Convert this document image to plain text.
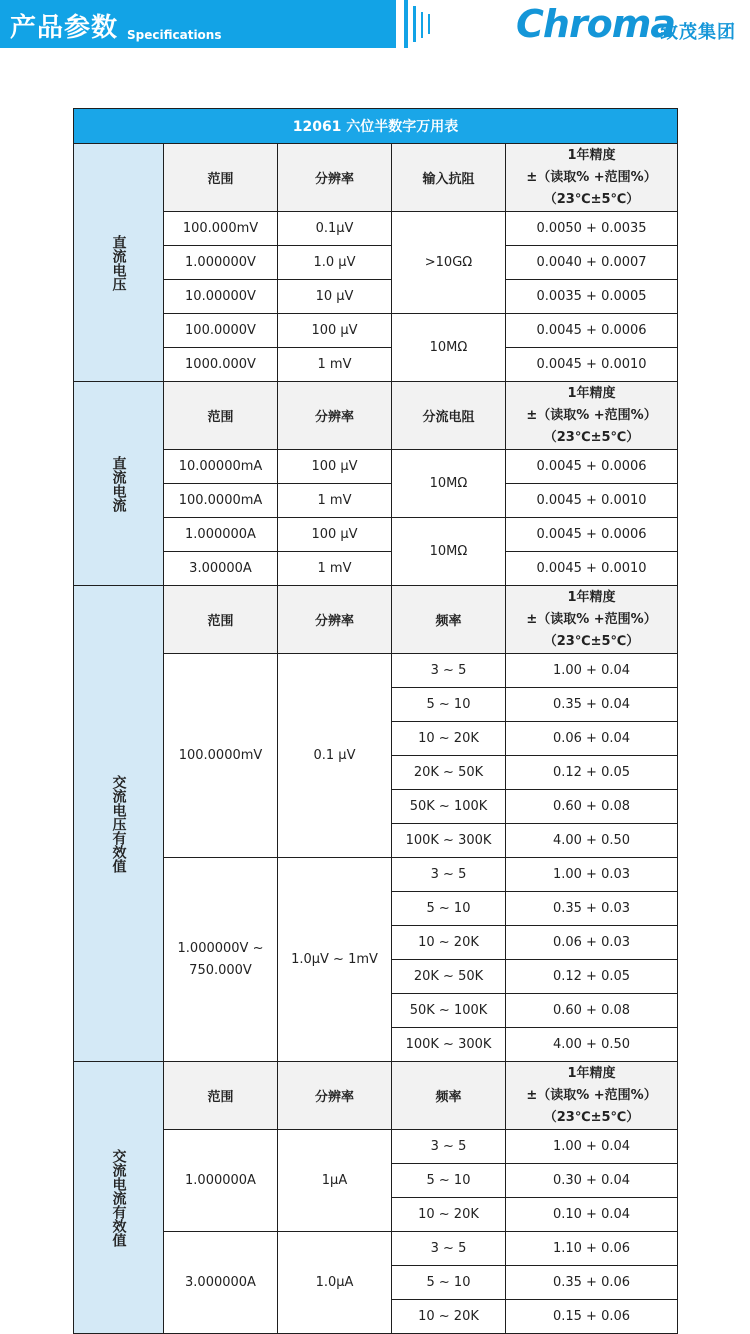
产品参数 Specifications	Chroma
致茂集团
12061 六位半数字万用表				
直流电压	范围	分辨率	输入抗阻	1年精度
±（读取% +范围%）
（23℃±5℃）

	100.000mV	0.1μV	>10GΩ	0.0050 + 0.0035
	1.000000V	1.0 μV		0.0040 + 0.0007
	10.00000V	10 μV		0.0035 + 0.0005
	100.0000V	100 μV	10MΩ	0.0045 + 0.0006
	1000.000V	1 mV		0.0045 + 0.0010
直流电流	范围	分辨率	分流电阻	1年精度
±（读取% +范围%）
（23℃±5℃）

	10.00000mA	100 μV	10MΩ	0.0045 + 0.0006
	100.0000mA	1 mV		0.0045 + 0.0010
	1.000000A	100 μV	10MΩ	0.0045 + 0.0006
	3.00000A	1 mV		0.0045 + 0.0010
交流电压有效值	范围	分辨率	频率	1年精度
±（读取% +范围%）
（23℃±5℃）

	100.0000mV	0.1 μV	3 ~ 5	1.00 + 0.04
			5 ~ 10	0.35 + 0.04
			10 ~ 20K	0.06 + 0.04
			20K ~ 50K	0.12 + 0.05
			50K ~ 100K	0.60 + 0.08
			100K ~ 300K	4.00 + 0.50

	1.000000V ~
750.000V	1.0μV ~ 1mV	3 ~ 5	1.00 + 0.03
			5 ~ 10	0.35 + 0.03
			10 ~ 20K	0.06 + 0.03
			20K ~ 50K	0.12 + 0.05
			50K ~ 100K	0.60 + 0.08
			100K ~ 300K	4.00 + 0.50
交流电流有效值	范围	分辨率	频率	1年精度
±（读取% +范围%）
（23℃±5℃）

	1.000000A	1μA	3 ~ 5	1.00 + 0.04
			5 ~ 10	0.30 + 0.04
			10 ~ 20K	0.10 + 0.04
	3.000000A	1.0μA	3 ~ 5	1.10 + 0.06
			5 ~ 10	0.35 + 0.06
			10 ~ 20K	0.15 + 0.06
